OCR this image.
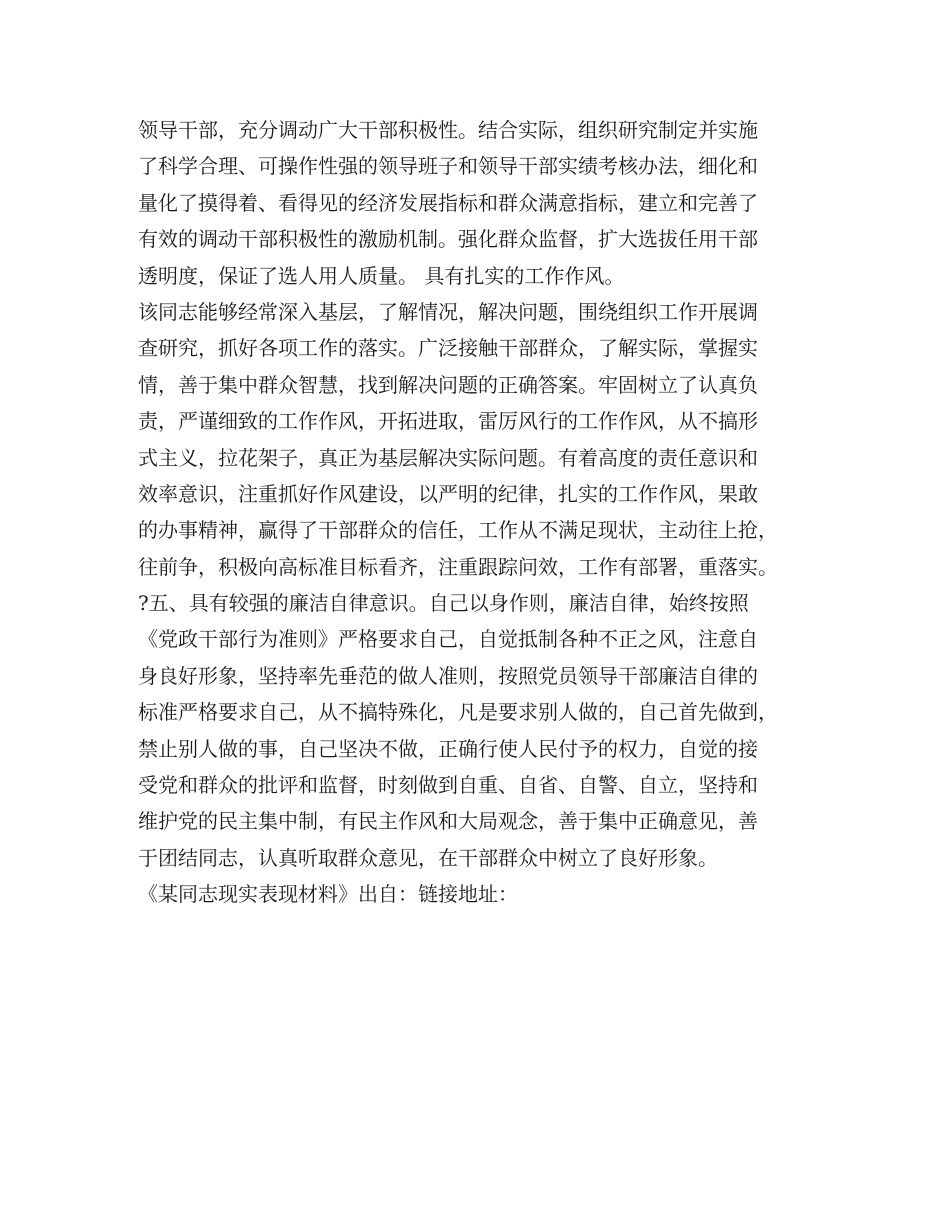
领导干部，充分调动广大干部积极性。结合实际，组织研究制定并实施
了科学合理、可操作性强的领导班子和领导干部实绩考核办法，细化和
量化了摸得着、看得见的经济发展指标和群众满意指标，建立和完善了
有效的调动干部积极性的激励机制。强化群众监督，扩大选拔任用干部
透明度，保证了选人用人质量。 具有扎实的工作作风。
该同志能够经常深入基层，了解情况，解决问题，围绕组织工作开展调
查研究，抓好各项工作的落实。广泛接触干部群众，了解实际，掌握实
情，善于集中群众智慧，找到解决问题的正确答案。牢固树立了认真负
责，严谨细致的工作作风，开拓进取，雷厉风行的工作作风，从不搞形
式主义，拉花架子，真正为基层解决实际问题。有着高度的责任意识和
效率意识，注重抓好作风建设，以严明的纪律，扎实的工作作风，果敢
的办事精神，赢得了干部群众的信任，工作从不满足现状，主动往上抢，
往前争，积极向高标准目标看齐，注重跟踪问效，工作有部署，重落实。
?五、具有较强的廉洁自律意识。自己以身作则，廉洁自律，始终按照
《党政干部行为准则》严格要求自己，自觉抵制各种不正之风，注意自
身良好形象，坚持率先垂范的做人准则，按照党员领导干部廉洁自律的
标准严格要求自己，从不搞特殊化，凡是要求别人做的，自己首先做到，
禁止别人做的事，自己坚决不做，正确行使人民付予的权力，自觉的接
受党和群众的批评和监督，时刻做到自重、自省、自警、自立，坚持和
维护党的民主集中制，有民主作风和大局观念，善于集中正确意见，善
于团结同志，认真听取群众意见，在干部群众中树立了良好形象。
《某同志现实表现材料》出自：链接地址：
